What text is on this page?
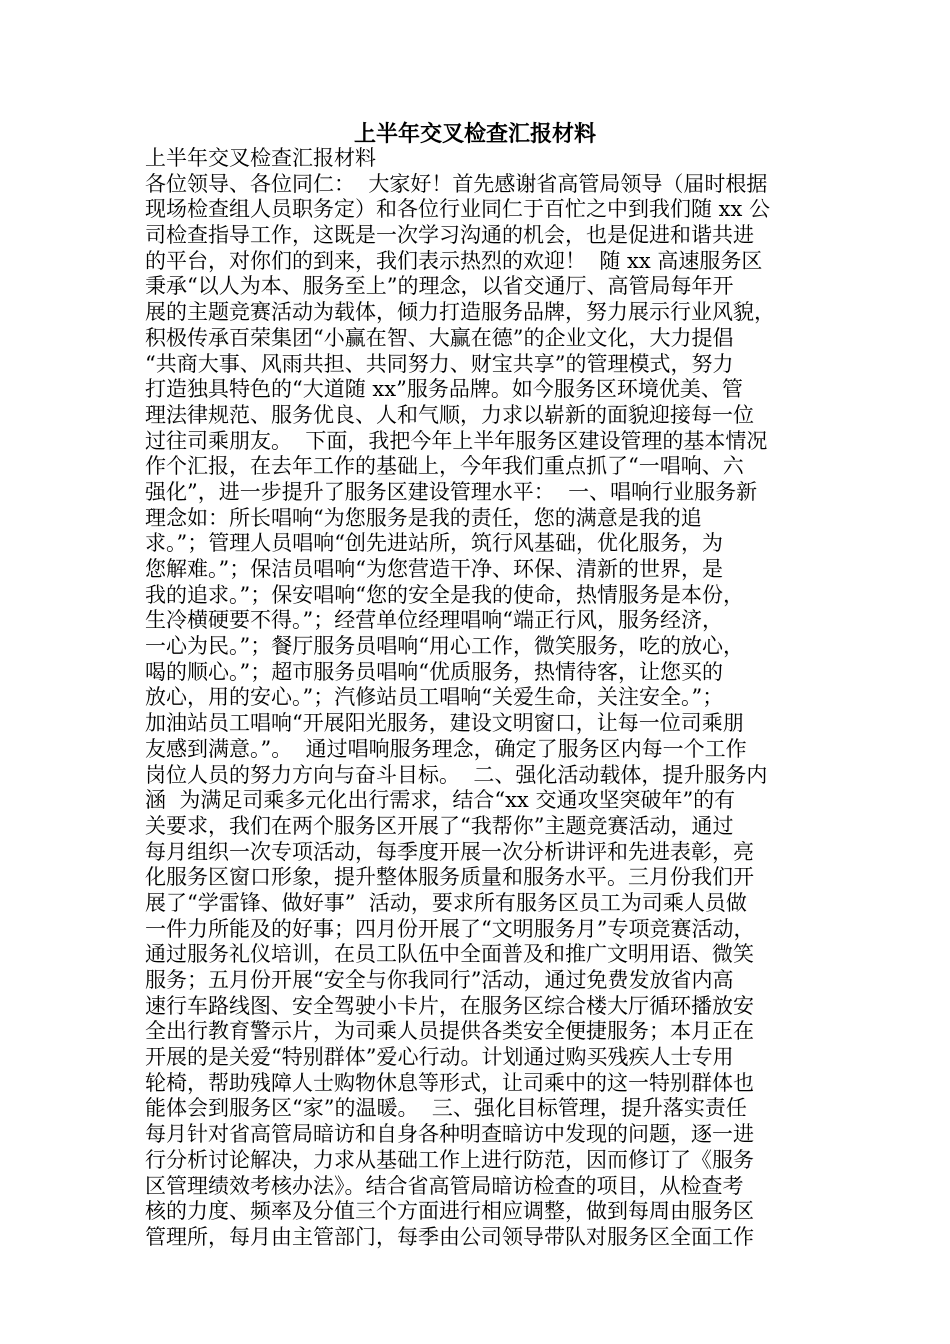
上半年交叉检查汇报材料
上半年交叉检查汇报材料
各位领导、各位同仁：  大家好！首先感谢省高管局领导（届时根据
现场检查组人员职务定）和各位行业同仁于百忙之中到我们随 xx 公
司检查指导工作，这既是一次学习沟通的机会，也是促进和谐共进
的平台，对你们的到来，我们表示热烈的欢迎！  随 xx 高速服务区
秉承“以人为本、服务至上”的理念，以省交通厅、高管局每年开
展的主题竞赛活动为载体，倾力打造服务品牌，努力展示行业风貌，
积极传承百荣集团“小赢在智、大赢在德”的企业文化，大力提倡
“共商大事、风雨共担、共同努力、财宝共享”的管理模式，努力
打造独具特色的“大道随 xx”服务品牌。如今服务区环境优美、管
理法律规范、服务优良、人和气顺，力求以崭新的面貌迎接每一位
过往司乘朋友。  下面，我把今年上半年服务区建设管理的基本情况
作个汇报，在去年工作的基础上，今年我们重点抓了“一唱响、六
强化”，进一步提升了服务区建设管理水平：  一、唱响行业服务新
理念如：所长唱响“为您服务是我的责任，您的满意是我的追
求。”；管理人员唱响“创先进站所，筑行风基础，优化服务，为
您解难。”；保洁员唱响“为您营造干净、环保、清新的世界，是
我的追求。”；保安唱响“您的安全是我的使命，热情服务是本份，
生冷横硬要不得。”；经营单位经理唱响“端正行风，服务经济，
一心为民。”；餐厅服务员唱响“用心工作，微笑服务，吃的放心，
喝的顺心。”；超市服务员唱响“优质服务，热情待客，让您买的
放心，用的安心。”；汽修站员工唱响“关爱生命，关注安全。”；
加油站员工唱响“开展阳光服务，建设文明窗口，让每一位司乘朋
友感到满意。”。  通过唱响服务理念，确定了服务区内每一个工作
岗位人员的努力方向与奋斗目标。  二、强化活动载体，提升服务内
涵  为满足司乘多元化出行需求，结合“xx 交通攻坚突破年”的有
关要求，我们在两个服务区开展了“我帮你”主题竞赛活动，通过
每月组织一次专项活动，每季度开展一次分析讲评和先进表彰，亮
化服务区窗口形象，提升整体服务质量和服务水平。三月份我们开
展了“学雷锋、做好事”  活动，要求所有服务区员工为司乘人员做
一件力所能及的好事；四月份开展了“文明服务月”专项竞赛活动，
通过服务礼仪培训，在员工队伍中全面普及和推广文明用语、微笑
服务；五月份开展“安全与你我同行”活动，通过免费发放省内高
速行车路线图、安全驾驶小卡片，在服务区综合楼大厅循环播放安
全出行教育警示片，为司乘人员提供各类安全便捷服务；本月正在
开展的是关爱“特别群体”爱心行动。计划通过购买残疾人士专用
轮椅，帮助残障人士购物休息等形式，让司乘中的这一特别群体也
能体会到服务区“家”的温暖。  三、强化目标管理，提升落实责任
每月针对省高管局暗访和自身各种明查暗访中发现的问题，逐一进
行分析讨论解决，力求从基础工作上进行防范，因而修订了《服务
区管理绩效考核办法》。结合省高管局暗访检查的项目，从检查考
核的力度、频率及分值三个方面进行相应调整，做到每周由服务区
管理所，每月由主管部门，每季由公司领导带队对服务区全面工作
